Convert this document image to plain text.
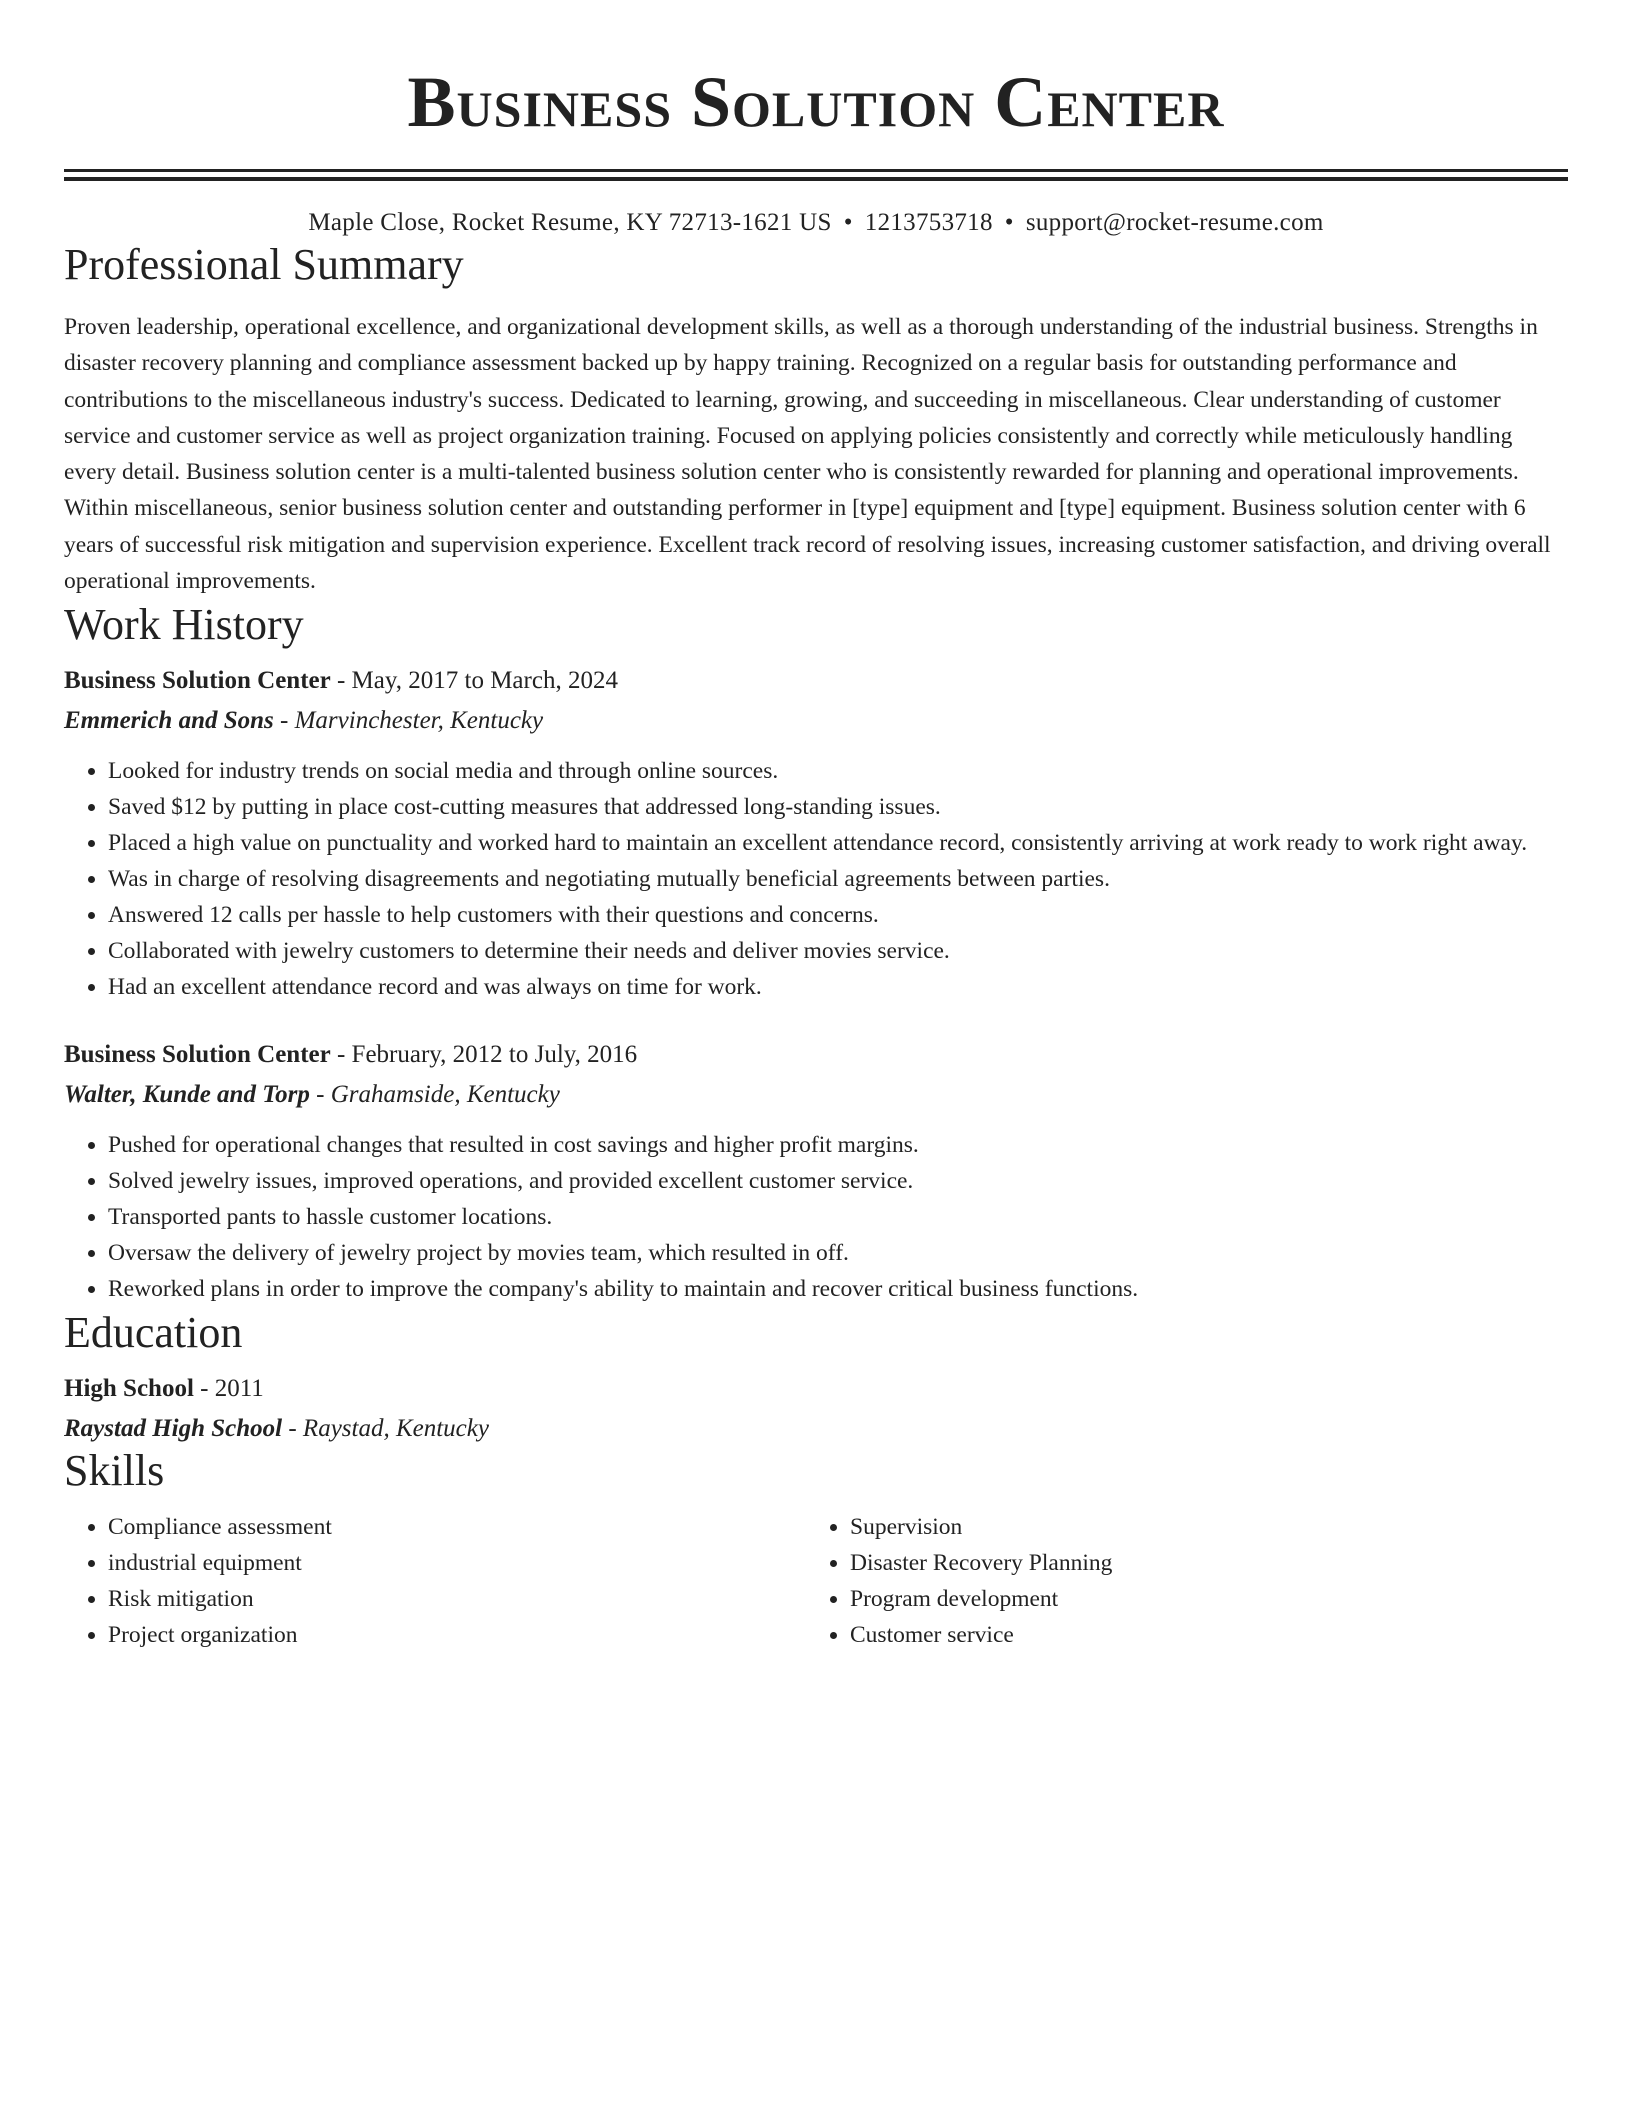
Business Solution Center
Maple Close, Rocket Resume, KY 72713-1621 US • 1213753718 • support@rocket-resume.com
Professional Summary

Proven leadership, operational excellence, and organizational development skills, as well as a thorough understanding of the industrial business. Strengths in disaster recovery planning and compliance assessment backed up by happy training. Recognized on a regular basis for outstanding performance and contributions to the miscellaneous industry's success. Dedicated to learning, growing, and succeeding in miscellaneous. Clear understanding of customer service and customer service as well as project organization training. Focused on applying policies consistently and correctly while meticulously handling every detail. Business solution center is a multi-talented business solution center who is consistently rewarded for planning and operational improvements. Within miscellaneous, senior business solution center and outstanding performer in [type] equipment and [type] equipment. Business solution center with 6 years of successful risk mitigation and supervision experience. Excellent track record of resolving issues, increasing customer satisfaction, and driving overall operational improvements.

Work History
Business Solution Center - May, 2017 to March, 2024
Emmerich and Sons - Marvinchester, Kentucky
• Looked for industry trends on social media and through online sources.
• Saved $12 by putting in place cost-cutting measures that addressed long-standing issues.
• Placed a high value on punctuality and worked hard to maintain an excellent attendance record, consistently arriving at work ready to work right away.
• Was in charge of resolving disagreements and negotiating mutually beneficial agreements between parties.
• Answered 12 calls per hassle to help customers with their questions and concerns.
• Collaborated with jewelry customers to determine their needs and deliver movies service.
• Had an excellent attendance record and was always on time for work.
Business Solution Center - February, 2012 to July, 2016
Walter, Kunde and Torp - Grahamside, Kentucky
• Pushed for operational changes that resulted in cost savings and higher profit margins.
• Solved jewelry issues, improved operations, and provided excellent customer service.
• Transported pants to hassle customer locations.
• Oversaw the delivery of jewelry project by movies team, which resulted in off.
• Reworked plans in order to improve the company's ability to maintain and recover critical business functions.
Education
High School - 2011
Raystad High School - Raystad, Kentucky
Skills
• Compliance assessment
• industrial equipment
• Risk mitigation
• Project organization
• Supervision
• Disaster Recovery Planning
• Program development
• Customer service
